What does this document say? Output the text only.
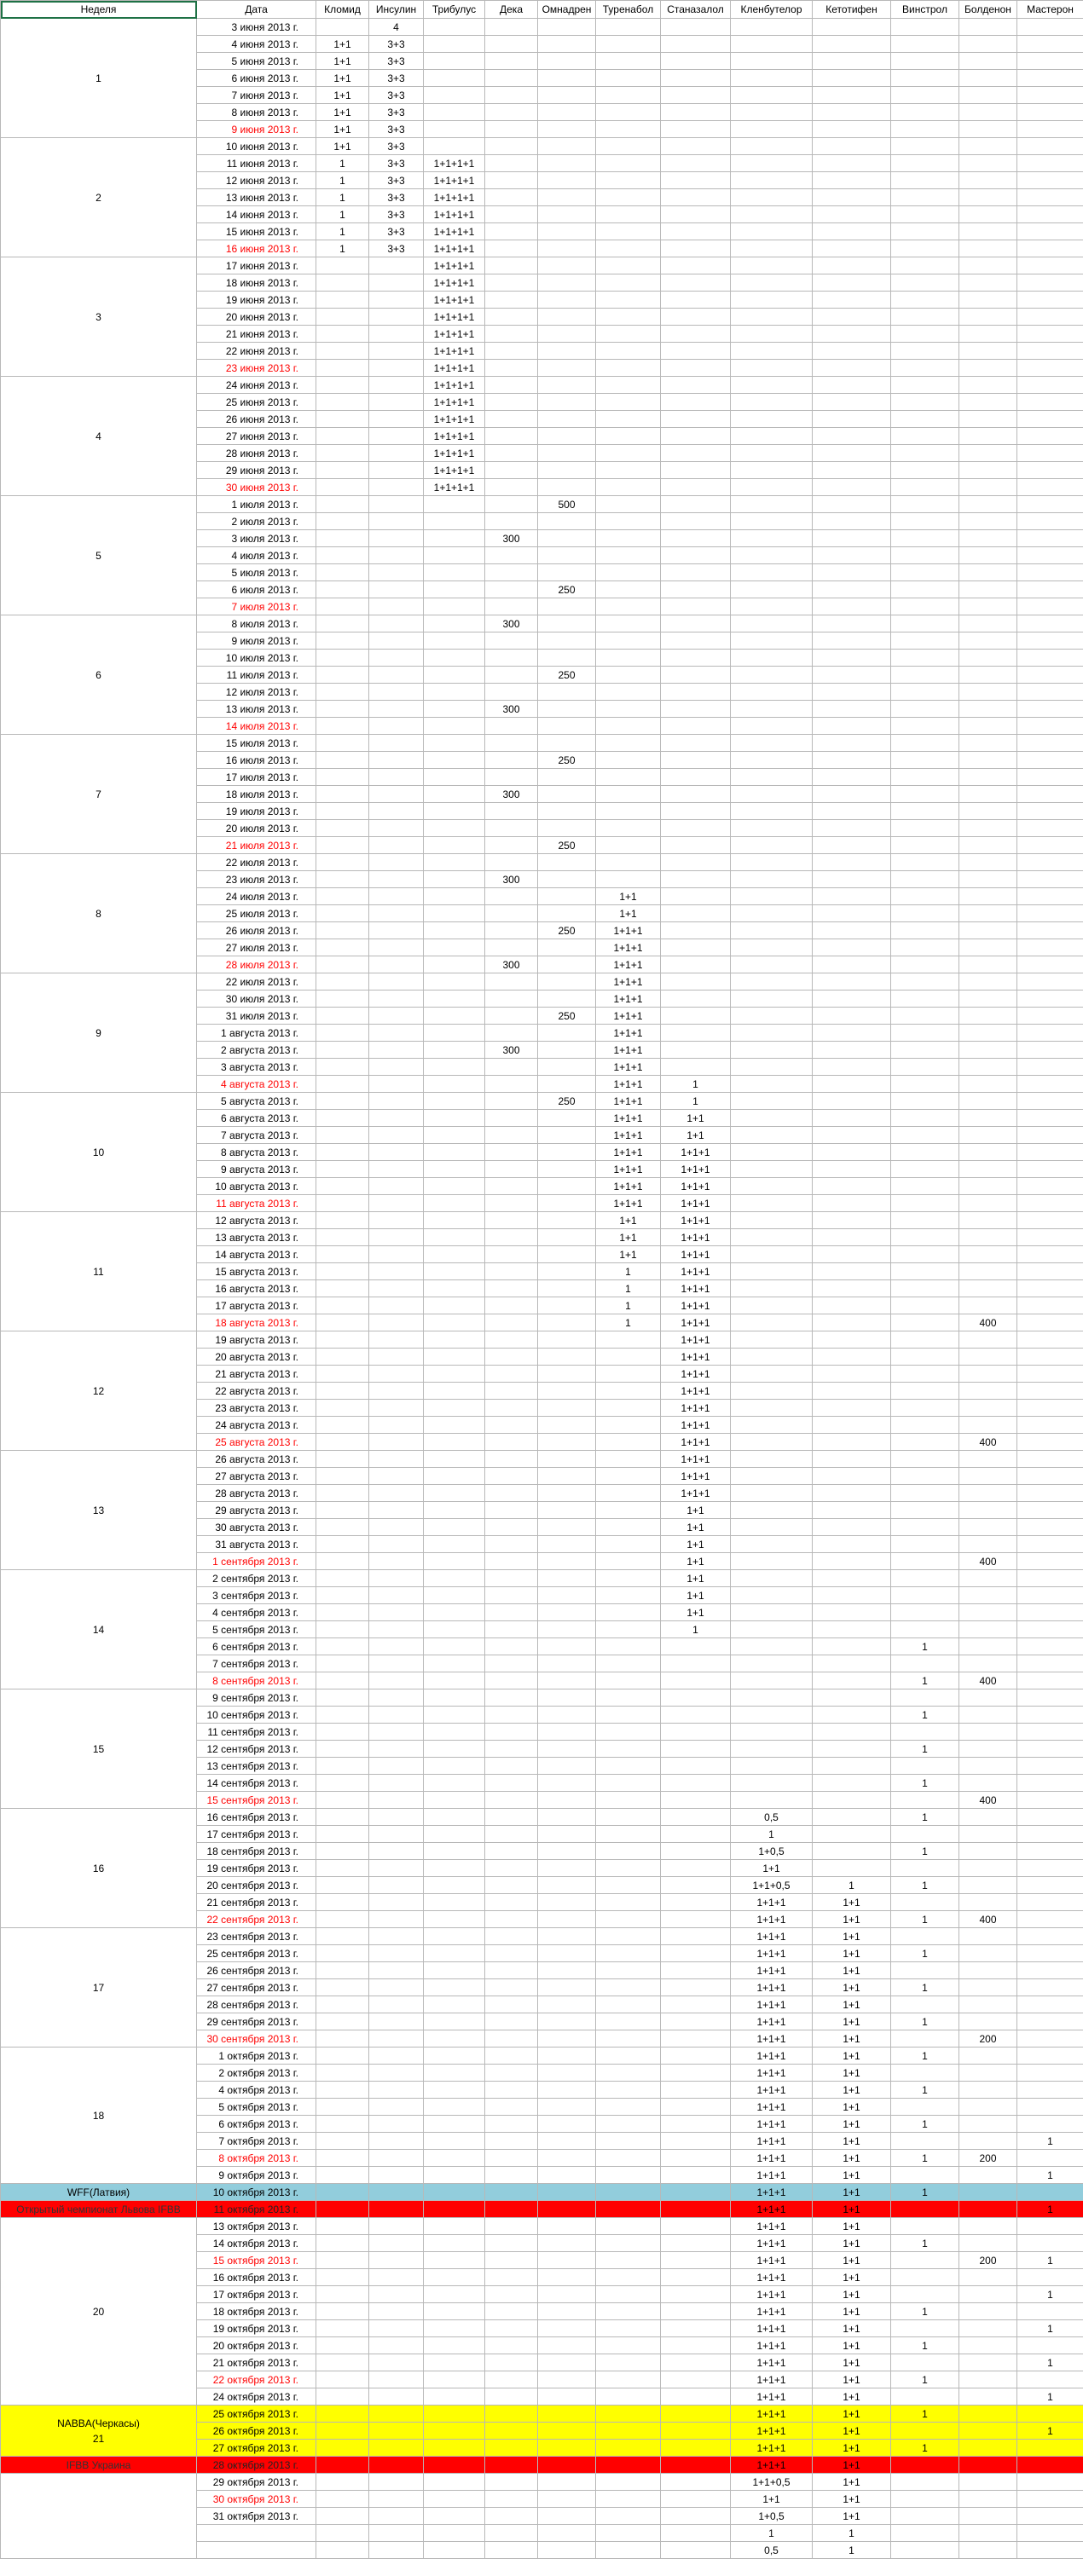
Неделя	Дата	Кломид	Инсулин	Трибулус	Дека	Омнадрен	Туренабол	Станазалол	Кленбутелор	Кетотифен	Винстрол	Болденон	Мастерон
1	3 июня 2013 г.		4										
	4 июня 2013 г.	1+1	3+3										
	5 июня 2013 г.	1+1	3+3										
	6 июня 2013 г.	1+1	3+3										
	7 июня 2013 г.	1+1	3+3										
	8 июня 2013 г.	1+1	3+3										
	9 июня 2013 г.	1+1	3+3										
2	10 июня 2013 г.	1+1	3+3										
	11 июня 2013 г.	1	3+3	1+1+1+1									
	12 июня 2013 г.	1	3+3	1+1+1+1									
	13 июня 2013 г.	1	3+3	1+1+1+1									
	14 июня 2013 г.	1	3+3	1+1+1+1									
	15 июня 2013 г.	1	3+3	1+1+1+1									
	16 июня 2013 г.	1	3+3	1+1+1+1									
3	17 июня 2013 г.			1+1+1+1									
	18 июня 2013 г.			1+1+1+1									
	19 июня 2013 г.			1+1+1+1									
	20 июня 2013 г.			1+1+1+1									
	21 июня 2013 г.			1+1+1+1									
	22 июня 2013 г.			1+1+1+1									
	23 июня 2013 г.			1+1+1+1									
4	24 июня 2013 г.			1+1+1+1									
	25 июня 2013 г.			1+1+1+1									
	26 июня 2013 г.			1+1+1+1									
	27 июня 2013 г.			1+1+1+1									
	28 июня 2013 г.			1+1+1+1									
	29 июня 2013 г.			1+1+1+1									
	30 июня 2013 г.			1+1+1+1									
5	1 июля 2013 г.					500							
	2 июля 2013 г.												
	3 июля 2013 г.				300								
	4 июля 2013 г.												
	5 июля 2013 г.												
	6 июля 2013 г.					250							
	7 июля 2013 г.												
6	8 июля 2013 г.				300								
	9 июля 2013 г.												
	10 июля 2013 г.												
	11 июля 2013 г.					250							
	12 июля 2013 г.												
	13 июля 2013 г.				300								
	14 июля 2013 г.												
7	15 июля 2013 г.												
	16 июля 2013 г.					250							
	17 июля 2013 г.												
	18 июля 2013 г.				300								
	19 июля 2013 г.												
	20 июля 2013 г.												
	21 июля 2013 г.					250							
8	22 июля 2013 г.												
	23 июля 2013 г.				300								
	24 июля 2013 г.						1+1						
	25 июля 2013 г.						1+1						
	26 июля 2013 г.					250	1+1+1						
	27 июля 2013 г.						1+1+1						
	28 июля 2013 г.				300		1+1+1						
9	22 июля 2013 г.						1+1+1						
	30 июля 2013 г.						1+1+1						
	31 июля 2013 г.					250	1+1+1						
	1 августа 2013 г.						1+1+1						
	2 августа 2013 г.				300		1+1+1						
	3 августа 2013 г.						1+1+1						
	4 августа 2013 г.						1+1+1	1					
10	5 августа 2013 г.					250	1+1+1	1					
	6 августа 2013 г.						1+1+1	1+1					
	7 августа 2013 г.						1+1+1	1+1					
	8 августа 2013 г.						1+1+1	1+1+1					
	9 августа 2013 г.						1+1+1	1+1+1					
	10 августа 2013 г.						1+1+1	1+1+1					
	11 августа 2013 г.						1+1+1	1+1+1					
11	12 августа 2013 г.						1+1	1+1+1					
	13 августа 2013 г.						1+1	1+1+1					
	14 августа 2013 г.						1+1	1+1+1					
	15 августа 2013 г.						1	1+1+1					
	16 августа 2013 г.						1	1+1+1					
	17 августа 2013 г.						1	1+1+1					
	18 августа 2013 г.						1	1+1+1				400	
12	19 августа 2013 г.							1+1+1					
	20 августа 2013 г.							1+1+1					
	21 августа 2013 г.							1+1+1					
	22 августа 2013 г.							1+1+1					
	23 августа 2013 г.							1+1+1					
	24 августа 2013 г.							1+1+1					
	25 августа 2013 г.							1+1+1				400	
13	26 августа 2013 г.							1+1+1					
	27 августа 2013 г.							1+1+1					
	28 августа 2013 г.							1+1+1					
	29 августа 2013 г.							1+1					
	30 августа 2013 г.							1+1					
	31 августа 2013 г.							1+1					
	1 сентября 2013 г.							1+1				400	
14	2 сентября 2013 г.							1+1					
	3 сентября 2013 г.							1+1					
	4 сентября 2013 г.							1+1					
	5 сентября 2013 г.							1					
	6 сентября 2013 г.										1		
	7 сентября 2013 г.												
	8 сентября 2013 г.										1	400	
15	9 сентября 2013 г.												
	10 сентября 2013 г.										1		
	11 сентября 2013 г.												
	12 сентября 2013 г.										1		
	13 сентября 2013 г.												
	14 сентября 2013 г.										1		
	15 сентября 2013 г.											400	
16	16 сентября 2013 г.								0,5		1		
	17 сентября 2013 г.								1				
	18 сентября 2013 г.								1+0,5		1		
	19 сентября 2013 г.								1+1				
	20 сентября 2013 г.								1+1+0,5	1	1		
	21 сентября 2013 г.								1+1+1	1+1			
	22 сентября 2013 г.								1+1+1	1+1	1	400	
17	23 сентября 2013 г.								1+1+1	1+1			
	25 сентября 2013 г.								1+1+1	1+1	1		
	26 сентября 2013 г.								1+1+1	1+1			
	27 сентября 2013 г.								1+1+1	1+1	1		
	28 сентября 2013 г.								1+1+1	1+1			
	29 сентября 2013 г.								1+1+1	1+1	1		
	30 сентября 2013 г.								1+1+1	1+1		200	
18	1 октября 2013 г.								1+1+1	1+1	1		
	2 октября 2013 г.								1+1+1	1+1			
	4 октября 2013 г.								1+1+1	1+1	1		
	5 октября 2013 г.								1+1+1	1+1			
	6 октября 2013 г.								1+1+1	1+1	1		
	7 октября 2013 г.								1+1+1	1+1			1
	8 октября 2013 г.								1+1+1	1+1	1	200	
	9 октября 2013 г.								1+1+1	1+1			1
WFF(Латвия)	10 октября 2013 г.								1+1+1	1+1	1		
Открытый чемпионат Львова IFBB	11 октября 2013 г.								1+1+1	1+1			1
20	13 октября 2013 г.								1+1+1	1+1			
	14 октября 2013 г.								1+1+1	1+1	1		
	15 октября 2013 г.								1+1+1	1+1		200	1
	16 октября 2013 г.								1+1+1	1+1			
	17 октября 2013 г.								1+1+1	1+1			1
	18 октября 2013 г.								1+1+1	1+1	1		
	19 октября 2013 г.								1+1+1	1+1			1
	20 октября 2013 г.								1+1+1	1+1	1		
	21 октября 2013 г.								1+1+1	1+1			1
	22 октября 2013 г.								1+1+1	1+1	1		
	24 октября 2013 г.								1+1+1	1+1			1
NABBA(Черкасы)
21	25 октября 2013 г.								1+1+1	1+1	1		
	26 октября 2013 г.								1+1+1	1+1			1
	27 октября 2013 г.								1+1+1	1+1	1		
IFBB Украина	28 октября 2013 г.								1+1+1	1+1			
	29 октября 2013 г.								1+1+0,5	1+1			
	30 октября 2013 г.								1+1	1+1			
	31 октября 2013 г.								1+0,5	1+1			
									1	1			
									0,5	1			
